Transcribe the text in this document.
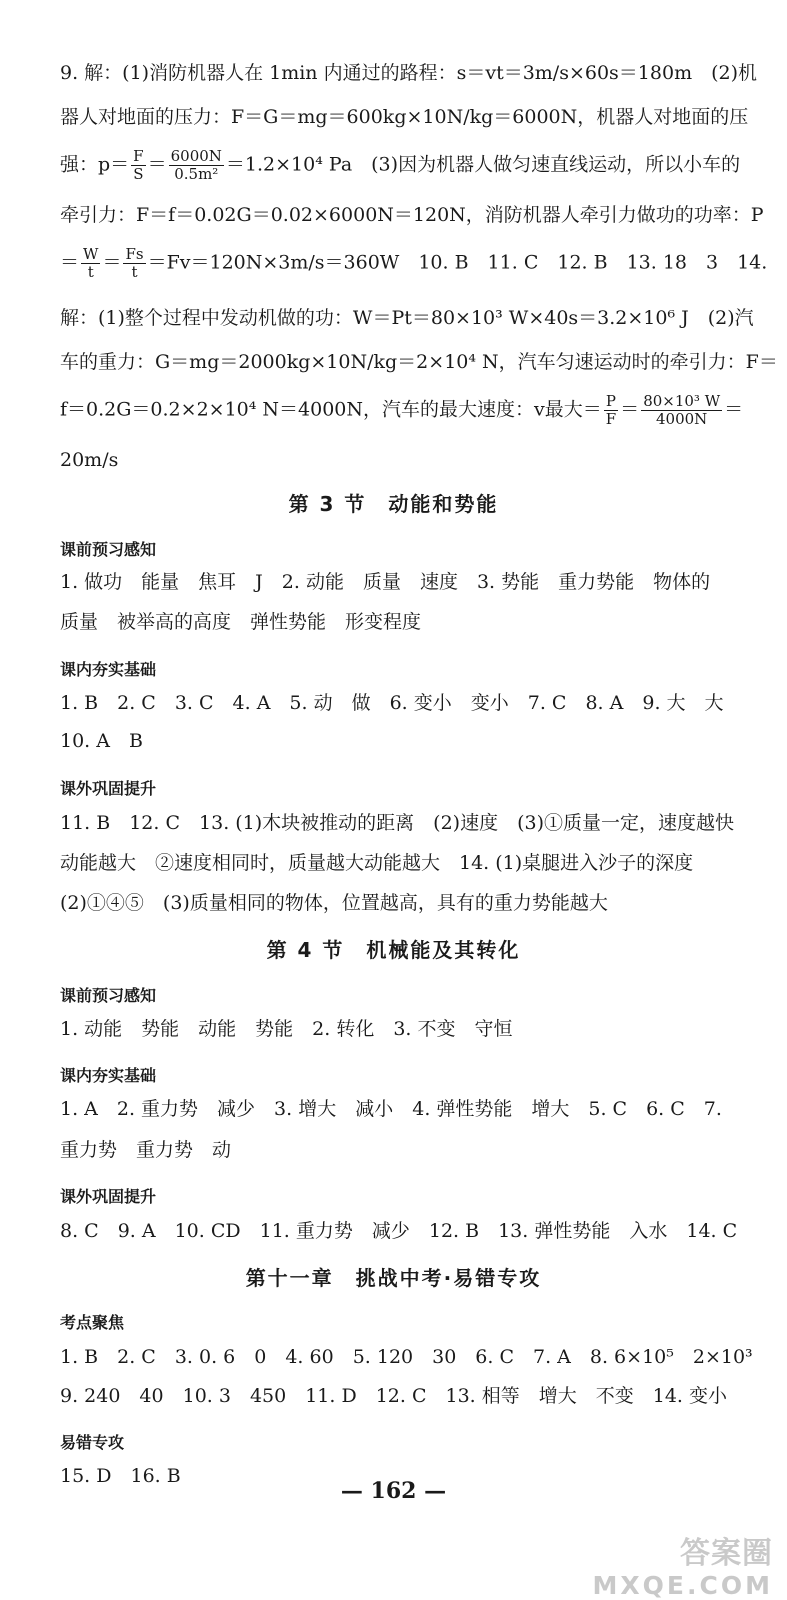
9. 解：(1)消防机器人在 1min 内通过的路程：s＝vt＝3m/s×60s＝180m　(2)机
器人对地面的压力：F＝G＝mg＝600kg×10N/kg＝6000N，机器人对地面的压
强：$p= \frac{F}{S} = \frac{6000N}{\text{0.5m²}} =1.2\times 10^4$ Pa　(3)因为机器人做匀速直线运动，所以小车的
牵引力：F＝f＝0.02G＝0.02×6000N＝120N，消防机器人牵引力做功的功率：P
＝ $\frac{W}{t} = \frac{Fs}{t} =Fv=120N\times 3m/s=360W$　10. B　11. C　12. B　13. 18　3　14.
解：(1)整个过程中发动机做的功：W＝Pt＝80×10³ W×40s＝3.2×10⁶ J　(2)汽
车的重力：G＝mg＝2000kg×10N/kg＝2×10⁴ N，汽车匀速运动时的牵引力：F＝
f＝0.2G＝0.2×2×10⁴ N＝4000N，汽车的最大速度：v最大＝ $\frac{P}{F} = \frac{\text{80×10³ W}}{4000N}$ ＝
20m/s
第 3 节　动能和势能
课前预习感知
1. 做功　能量　焦耳　J　2. 动能　质量　速度　3. 势能　重力势能　物体的
质量　被举高的高度　弹性势能　形变程度
课内夯实基础
1. B　2. C　3. C　4. A　5. 动　做　6. 变小　变小　7. C　8. A　9. 大　大
10. A　B
课外巩固提升
11. B　12. C　13. (1)木块被推动的距离　(2)速度　(3)①质量一定，速度越快
动能越大　②速度相同时，质量越大动能越大　14. (1)桌腿进入沙子的深度
(2)①④⑤　(3)质量相同的物体，位置越高，具有的重力势能越大
第 4 节　机械能及其转化
课前预习感知
1. 动能　势能　动能　势能　2. 转化　3. 不变　守恒
课内夯实基础
1. A　2. 重力势　减少　3. 增大　减小　4. 弹性势能　增大　5. C　6. C　7.
重力势　重力势　动
课外巩固提升
8. C　9. A　10. CD　11. 重力势　减少　12. B　13. 弹性势能　入水　14. C
第十一章　挑战中考·易错专攻
考点聚焦
1. B　2. C　3. 0. 6　0　4. 60　5. 120　30　6. C　7. A　8. 6×10⁵　2×10³
9. 240　40　10. 3　450　11. D　12. C　13. 相等　增大　不变　14. 变小
易错专攻
15. D　16. B
— 162 —
答案圈
MXQE.COM
